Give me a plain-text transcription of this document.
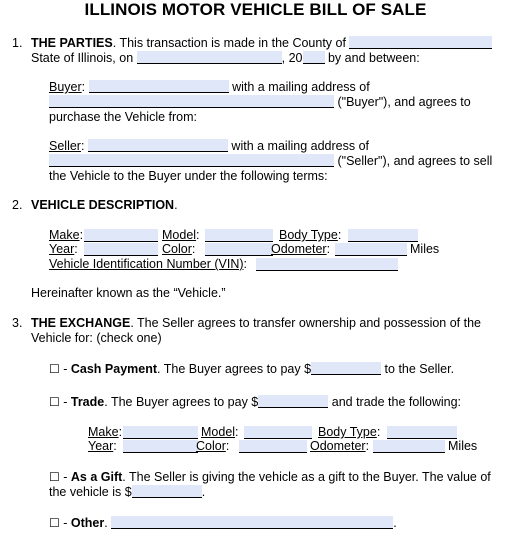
ILLINOIS MOTOR VEHICLE BILL OF SALE
1. THE PARTIES. This transaction is made in the County of
State of Illinois, on	, 20 by and between:
Buyer:	with a mailing address of
("Buyer"), and agrees to
purchase the Vehicle from:
Seller:	with a mailing address of
("Seller"), and agrees to sell
the Vehicle to the Buyer under the following terms:
2. VEHICLE DESCRIPTION.
Make:	Model:	Body Type:
Year:	Color:	Odometer:	Miles
Vehicle Identification Number (VIN):
Hereinafter known as the “Vehicle.”
3. THE EXCHANGE. The Seller agrees to transfer ownership and possession of the
Vehicle for: (check one)
☐ - Cash Payment. The Buyer agrees to pay $	to the Seller.
☐ - Trade. The Buyer agrees to pay $	and trade the following:
Make:	Model:	Body Type:
Year:	Color:	Odometer:	Miles
☐ - As a Gift. The Seller is giving the vehicle as a gift to the Buyer. The value of
the vehicle is $	.
☐ - Other.	.
